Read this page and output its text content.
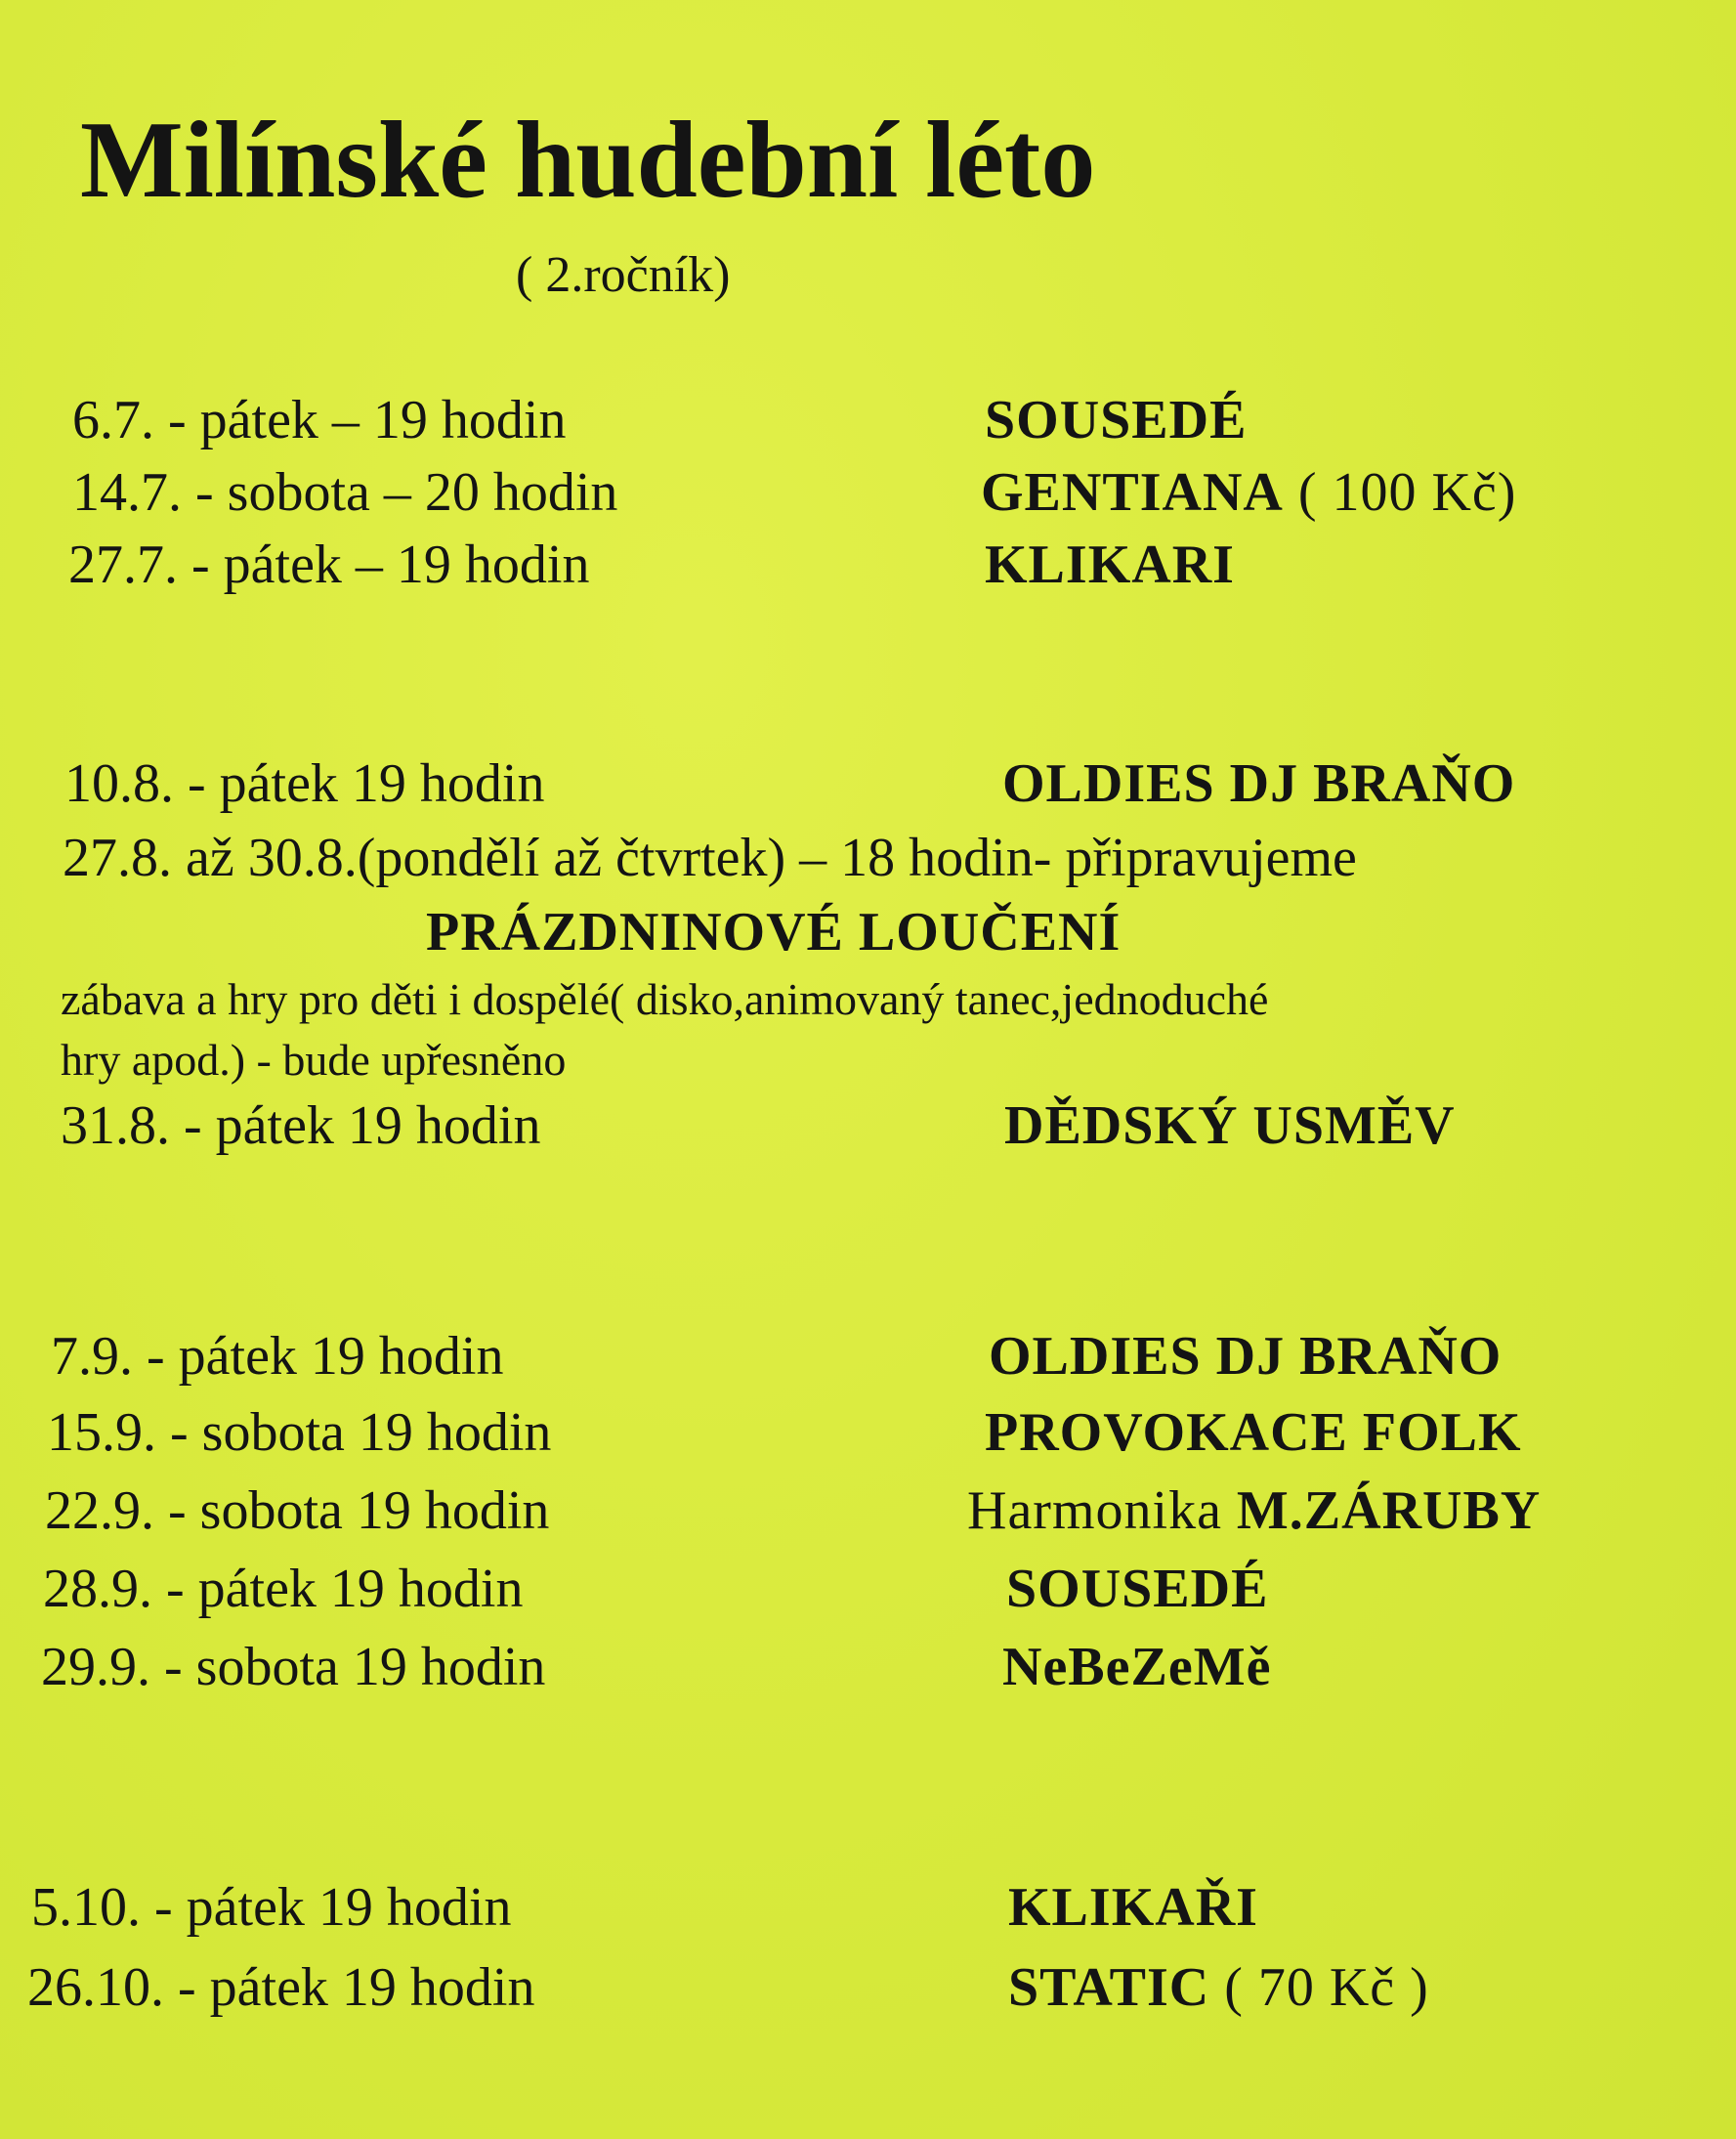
Milínské hudební léto
( 2.ročník)
6.7. - pátek – 19 hodin	SOUSEDÉ
14.7. - sobota – 20 hodin	GENTIANA ( 100 Kč)
27.7. - pátek – 19 hodin	KLIKARI
10.8. - pátek 19 hodin	OLDIES DJ BRAŇO
27.8. až 30.8.(pondělí až čtvrtek) – 18 hodin- připravujeme
PRÁZDNINOVÉ LOUČENÍ
zábava a hry pro děti i dospělé( disko,animovaný tanec,jednoduché
hry apod.) - bude upřesněno
31.8. - pátek 19 hodin	DĚDSKÝ USMĚV
7.9. - pátek 19 hodin	OLDIES DJ BRAŇO
15.9. - sobota 19 hodin	PROVOKACE FOLK
22.9. - sobota 19 hodin	Harmonika M.ZÁRUBY
28.9. - pátek 19 hodin	SOUSEDÉ
29.9. - sobota 19 hodin	NeBeZeMě
5.10. - pátek 19 hodin	KLIKAŘI
26.10. - pátek 19 hodin	STATIC ( 70 Kč )
